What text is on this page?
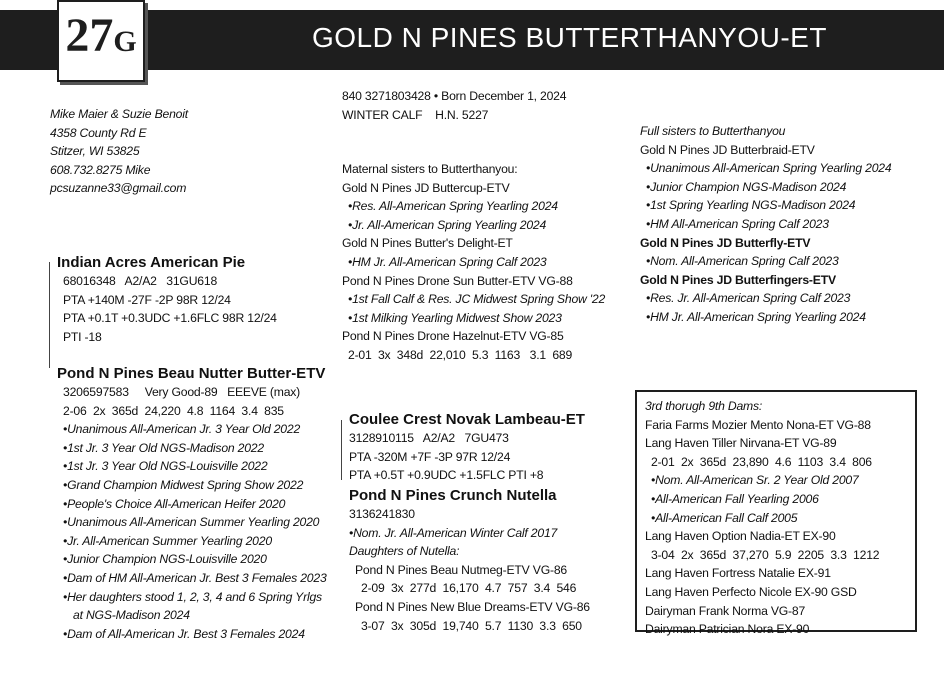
GOLD N PINES BUTTERTHANYOU-ET
27G
Mike Maier & Suzie Benoit
4358 County Rd E
Stitzer, WI 53825
608.732.8275 Mike
pcsuzanne33@gmail.com
840 3271803428 • Born December 1, 2024
WINTER CALF    H.N. 5227
Indian Acres American Pie
68016348   A2/A2   31GU618
PTA +140M -27F -2P 98R 12/24
PTA +0.1T +0.3UDC +1.6FLC 98R 12/24
PTI -18
Pond N Pines Beau Nutter Butter-ETV
3206597583     Very Good-89   EEEVE (max)
2-06  2x  365d  24,220  4.8  1164  3.4  835
•Unanimous All-American Jr. 3 Year Old 2022
•1st Jr. 3 Year Old NGS-Madison 2022
•1st Jr. 3 Year Old NGS-Louisville 2022
•Grand Champion Midwest Spring Show 2022
•People's Choice All-American Heifer 2020
•Unanimous All-American Summer Yearling 2020
•Jr. All-American Summer Yearling 2020
•Junior Champion NGS-Louisville 2020
•Dam of HM All-American Jr. Best 3 Females 2023
•Her daughters stood 1, 2, 3, 4 and 6 Spring Yrlgs
at NGS-Madison 2024
•Dam of All-American Jr. Best 3 Females 2024
Maternal sisters to Butterthanyou:
Gold N Pines JD Buttercup-ETV
•Res. All-American Spring Yearling 2024
•Jr. All-American Spring Yearling 2024
Gold N Pines Butter's Delight-ET
•HM Jr. All-American Spring Calf 2023
Pond N Pines Drone Sun Butter-ETV VG-88
•1st Fall Calf & Res. JC Midwest Spring Show '22
•1st Milking Yearling Midwest Show 2023
Pond N Pines Drone Hazelnut-ETV VG-85
2-01  3x  348d  22,010  5.3  1163   3.1  689
Coulee Crest Novak Lambeau-ET
3128910115   A2/A2   7GU473
PTA -320M +7F -3P 97R 12/24
PTA +0.5T +0.9UDC +1.5FLC PTI +8
Pond N Pines Crunch Nutella
3136241830
•Nom. Jr. All-American Winter Calf 2017
Daughters of Nutella:
Pond N Pines Beau Nutmeg-ETV VG-86
2-09  3x  277d  16,170  4.7  757  3.4  546
Pond N Pines New Blue Dreams-ETV VG-86
3-07  3x  305d  19,740  5.7  1130  3.3  650
Full sisters to Butterthanyou
Gold N Pines JD Butterbraid-ETV
•Unanimous All-American Spring Yearling 2024
•Junior Champion NGS-Madison 2024
•1st Spring Yearling NGS-Madison 2024
•HM All-American Spring Calf 2023
Gold N Pines JD Butterfly-ETV
•Nom. All-American Spring Calf 2023
Gold N Pines JD Butterfingers-ETV
•Res. Jr. All-American Spring Calf 2023
•HM Jr. All-American Spring Yearling 2024
3rd thorugh 9th Dams:
Faria Farms Mozier Mento Nona-ET VG-88
Lang Haven Tiller Nirvana-ET VG-89
2-01  2x  365d  23,890  4.6  1103  3.4  806
•Nom. All-American Sr. 2 Year Old 2007
•All-American Fall Yearling 2006
•All-American Fall Calf 2005
Lang Haven Option Nadia-ET EX-90
3-04  2x  365d  37,270  5.9  2205  3.3  1212
Lang Haven Fortress Natalie EX-91
Lang Haven Perfecto Nicole EX-90 GSD
Dairyman Frank Norma VG-87
Dairyman Patrician Nora EX-90
